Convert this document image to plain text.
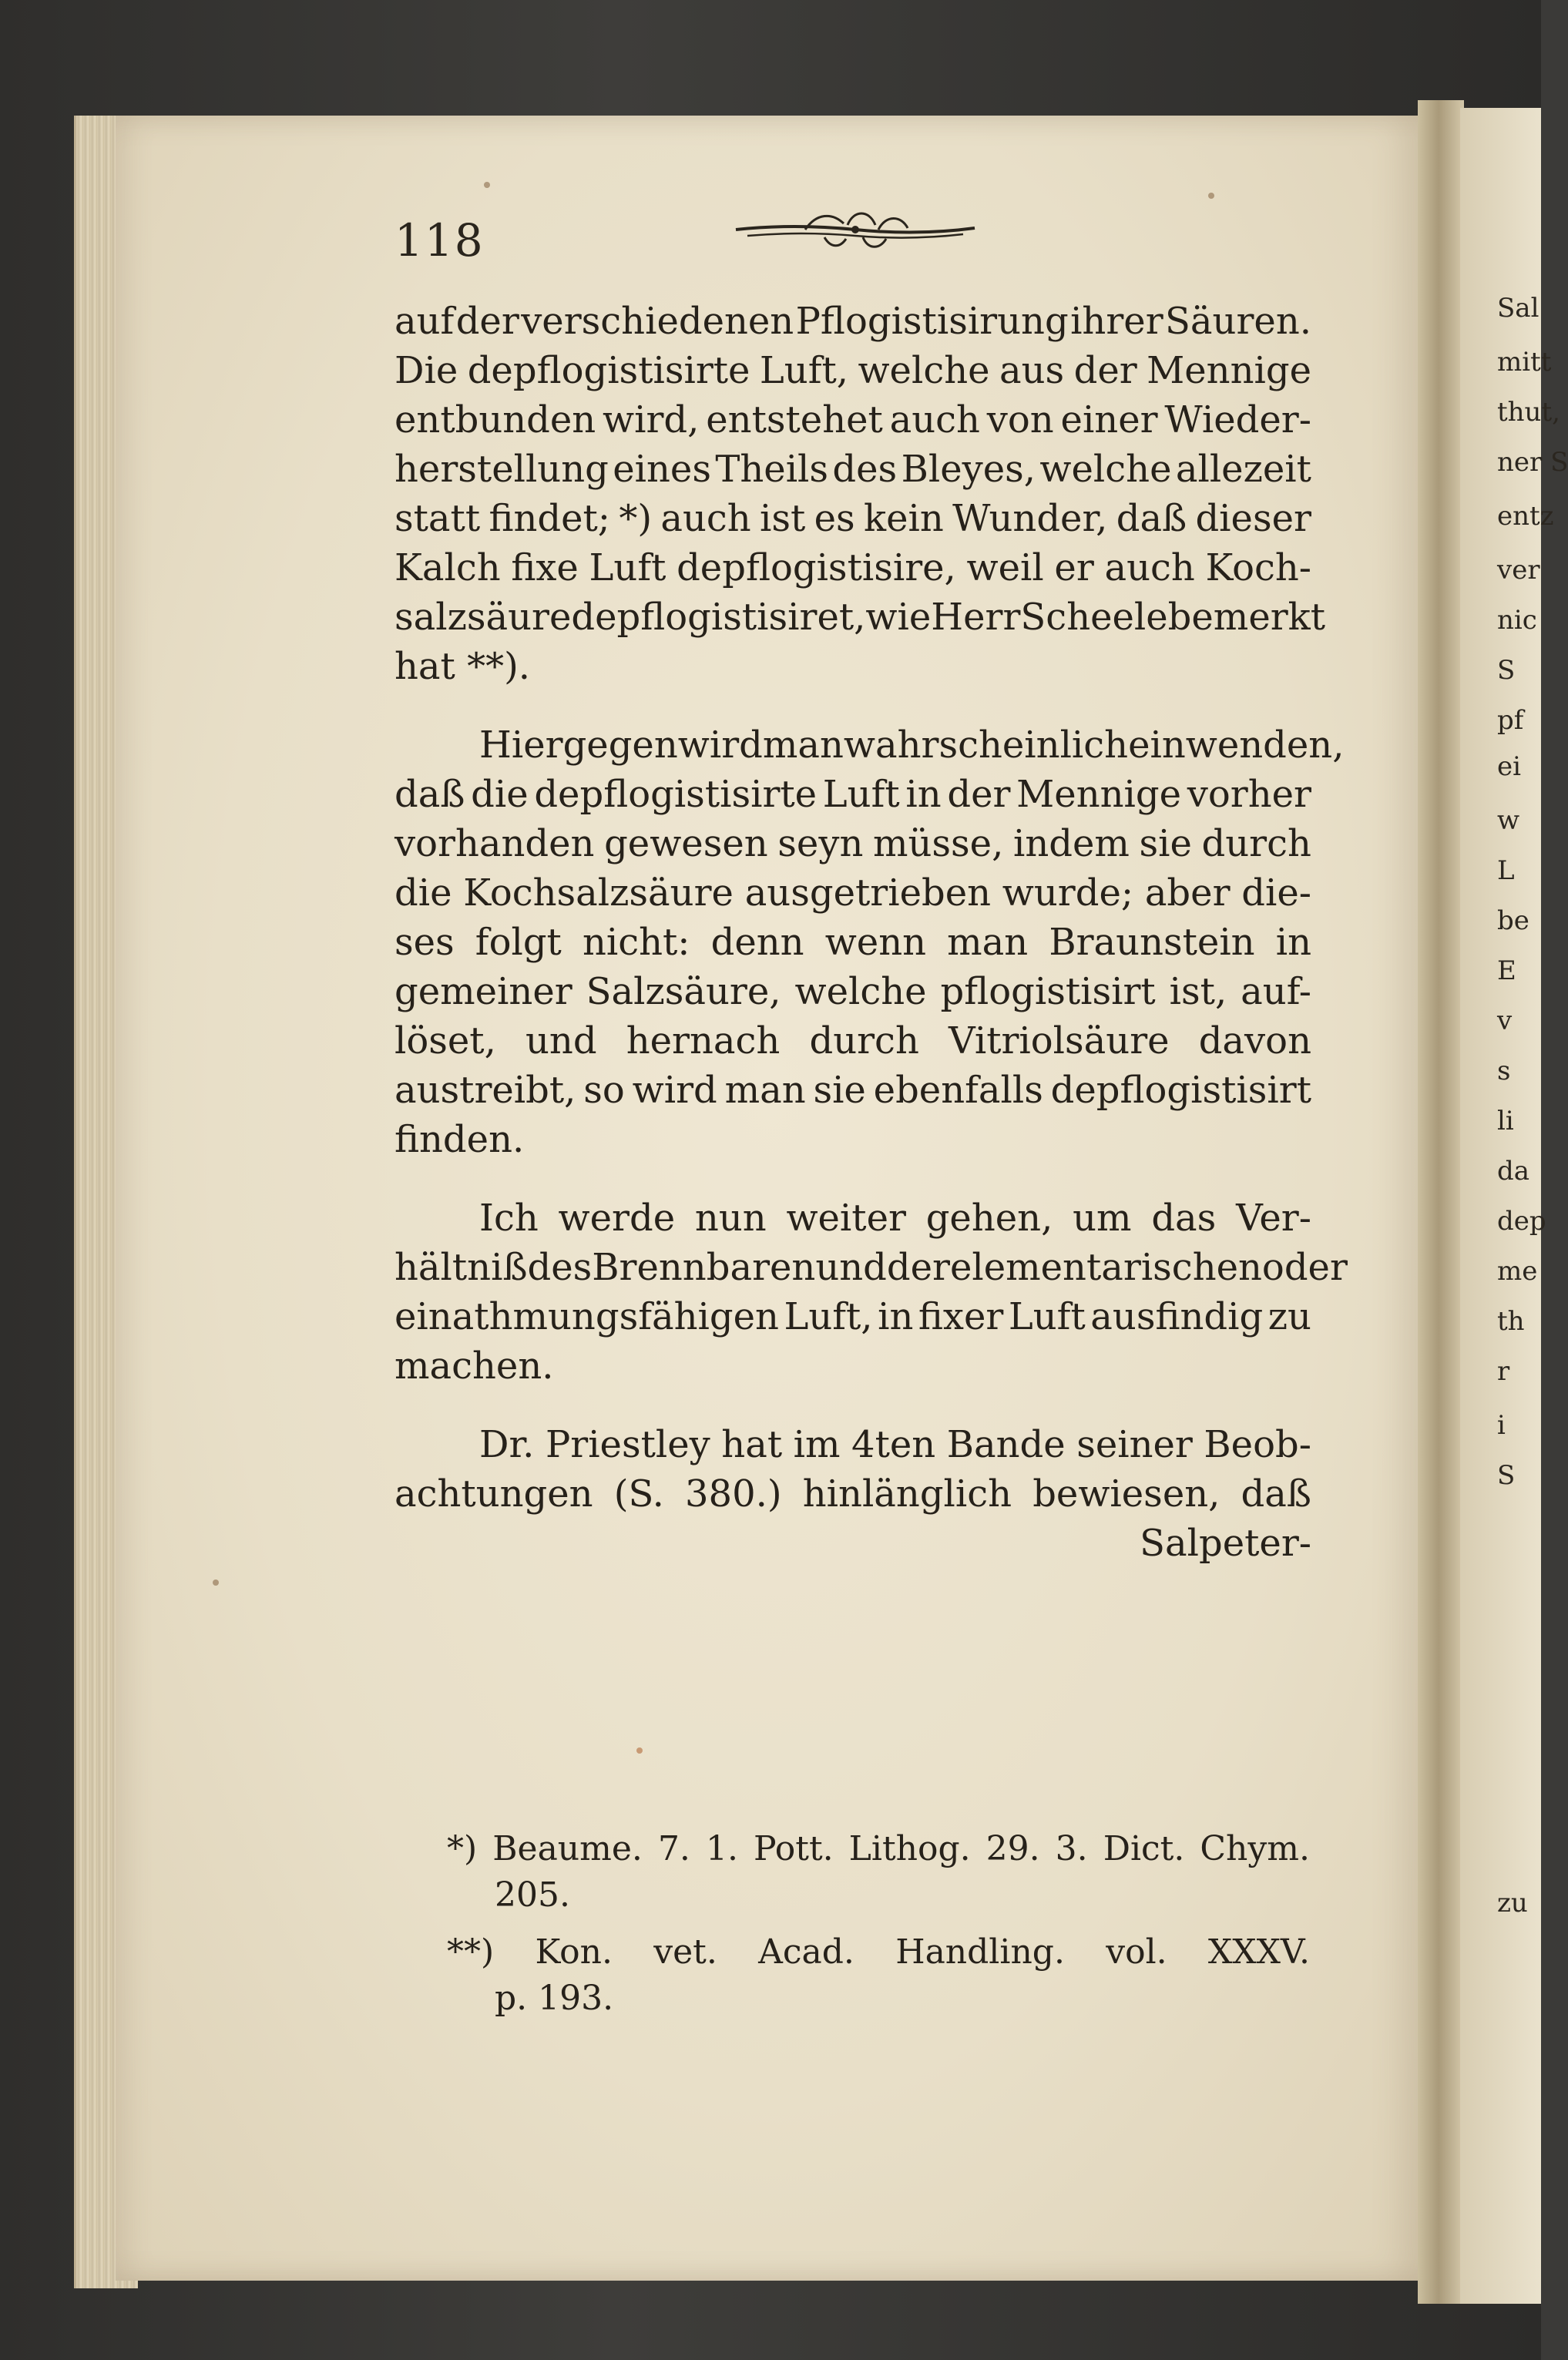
Sal
mitt
thut,
ner S
entz
ver
nic
S
pf
ei
w
L
be
E
v
s
li
da
dep
me
th
r
i
S
zu
118
auf der verschiedenen Pflogistisirung ihrer Säuren.
Die depflogistisirte Luft, welche aus der Mennige
entbunden wird, entstehet auch von einer Wieder-
herstellung eines Theils des Bleyes, welche allezeit
statt findet; *) auch ist es kein Wunder, daß dieser
Kalch fixe Luft depflogistisire, weil er auch Koch-
salzsäure depflogistisiret, wie Herr Scheele bemerkt
hat **).
Hiergegen wird man wahrscheinlich einwenden,
daß die depflogistisirte Luft in der Mennige vorher
vorhanden gewesen seyn müsse, indem sie durch
die Kochsalzsäure ausgetrieben wurde; aber die-
ses folgt nicht: denn wenn man Braunstein in
gemeiner Salzsäure, welche pflogistisirt ist, auf-
löset, und hernach durch Vitriolsäure davon
austreibt, so wird man sie ebenfalls depflogistisirt
finden.
Ich werde nun weiter gehen, um das Ver-
hältniß des Brennbaren und der elementarischen oder
einathmungsfähigen Luft, in fixer Luft ausfindig zu
machen.
Dr. Priestley hat im 4ten Bande seiner Beob-
achtungen (S. 380.) hinlänglich bewiesen, daß
Salpeter-
*) Beaume. 7. 1. Pott. Lithog. 29. 3. Dict. Chym.
205.
**) Kon. vet. Acad. Handling. vol. XXXV.
p. 193.
